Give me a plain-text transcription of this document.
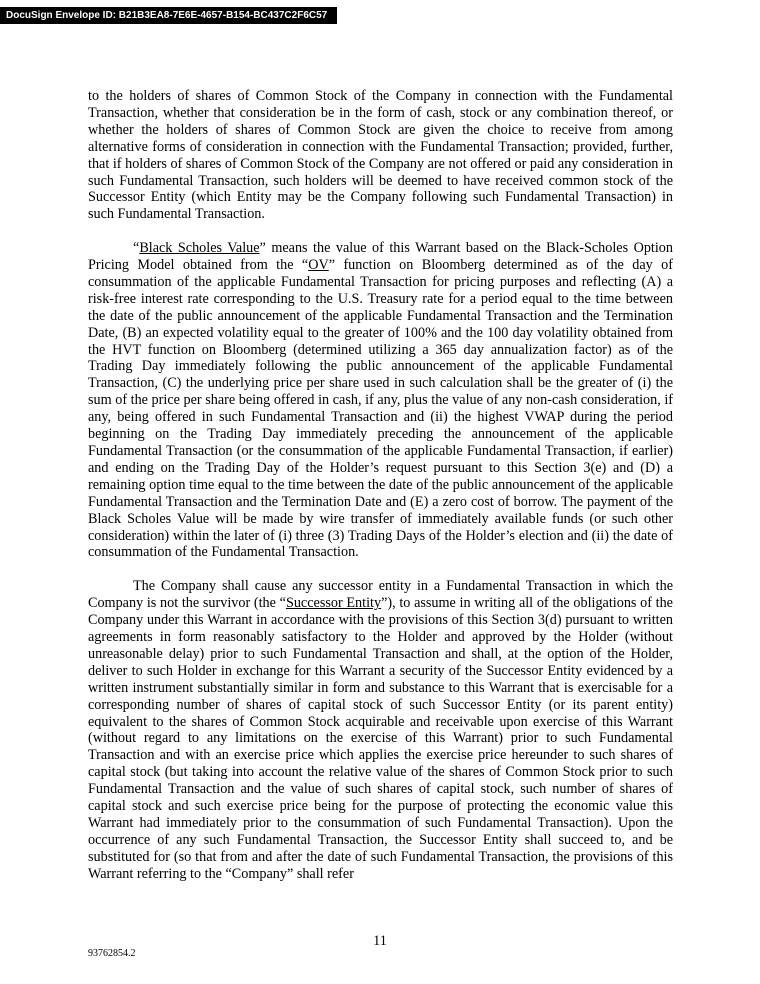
DocuSign Envelope ID: B21B3EA8-7E6E-4657-B154-BC437C2F6C57

to the holders of shares of Common Stock of the Company in connection with the Fundamental Transaction, whether that consideration be in the form of cash, stock or any combination thereof, or whether the holders of shares of Common Stock are given the choice to receive from among alternative forms of consideration in connection with the Fundamental Transaction; provided, further, that if holders of shares of Common Stock of the Company are not offered or paid any consideration in such Fundamental Transaction, such holders will be deemed to have received common stock of the Successor Entity (which Entity may be the Company following such Fundamental Transaction) in such Fundamental Transaction.

“Black Scholes Value” means the value of this Warrant based on the Black-Scholes Option Pricing Model obtained from the “OV” function on Bloomberg determined as of the day of consummation of the applicable Fundamental Transaction for pricing purposes and reflecting (A) a risk-free interest rate corresponding to the U.S. Treasury rate for a period equal to the time between the date of the public announcement of the applicable Fundamental Transaction and the Termination Date, (B) an expected volatility equal to the greater of 100% and the 100 day volatility obtained from the HVT function on Bloomberg (determined utilizing a 365 day annualization factor) as of the Trading Day immediately following the public announcement of the applicable Fundamental Transaction, (C) the underlying price per share used in such calculation shall be the greater of (i) the sum of the price per share being offered in cash, if any, plus the value of any non-cash consideration, if any, being offered in such Fundamental Transaction and (ii) the highest VWAP during the period beginning on the Trading Day immediately preceding the announcement of the applicable Fundamental Transaction (or the consummation of the applicable Fundamental Transaction, if earlier) and ending on the Trading Day of the Holder’s request pursuant to this Section 3(e) and (D) a remaining option time equal to the time between the date of the public announcement of the applicable Fundamental Transaction and the Termination Date and (E) a zero cost of borrow. The payment of the Black Scholes Value will be made by wire transfer of immediately available funds (or such other consideration) within the later of (i) three (3) Trading Days of the Holder’s election and (ii) the date of consummation of the Fundamental Transaction.

The Company shall cause any successor entity in a Fundamental Transaction in which the Company is not the survivor (the “Successor Entity”), to assume in writing all of the obligations of the Company under this Warrant in accordance with the provisions of this Section 3(d) pursuant to written agreements in form reasonably satisfactory to the Holder and approved by the Holder (without unreasonable delay) prior to such Fundamental Transaction and shall, at the option of the Holder, deliver to such Holder in exchange for this Warrant a security of the Successor Entity evidenced by a written instrument substantially similar in form and substance to this Warrant that is exercisable for a corresponding number of shares of capital stock of such Successor Entity (or its parent entity) equivalent to the shares of Common Stock acquirable and receivable upon exercise of this Warrant (without regard to any limitations on the exercise of this Warrant) prior to such Fundamental Transaction and with an exercise price which applies the exercise price hereunder to such shares of capital stock (but taking into account the relative value of the shares of Common Stock prior to such Fundamental Transaction and the value of such shares of capital stock, such number of shares of capital stock and such exercise price being for the purpose of protecting the economic value this Warrant had immediately prior to the consummation of such Fundamental Transaction). Upon the occurrence of any such Fundamental Transaction, the Successor Entity shall succeed to, and be substituted for (so that from and after the date of such Fundamental Transaction, the provisions of this Warrant referring to the “Company” shall refer

11
93762854.2
